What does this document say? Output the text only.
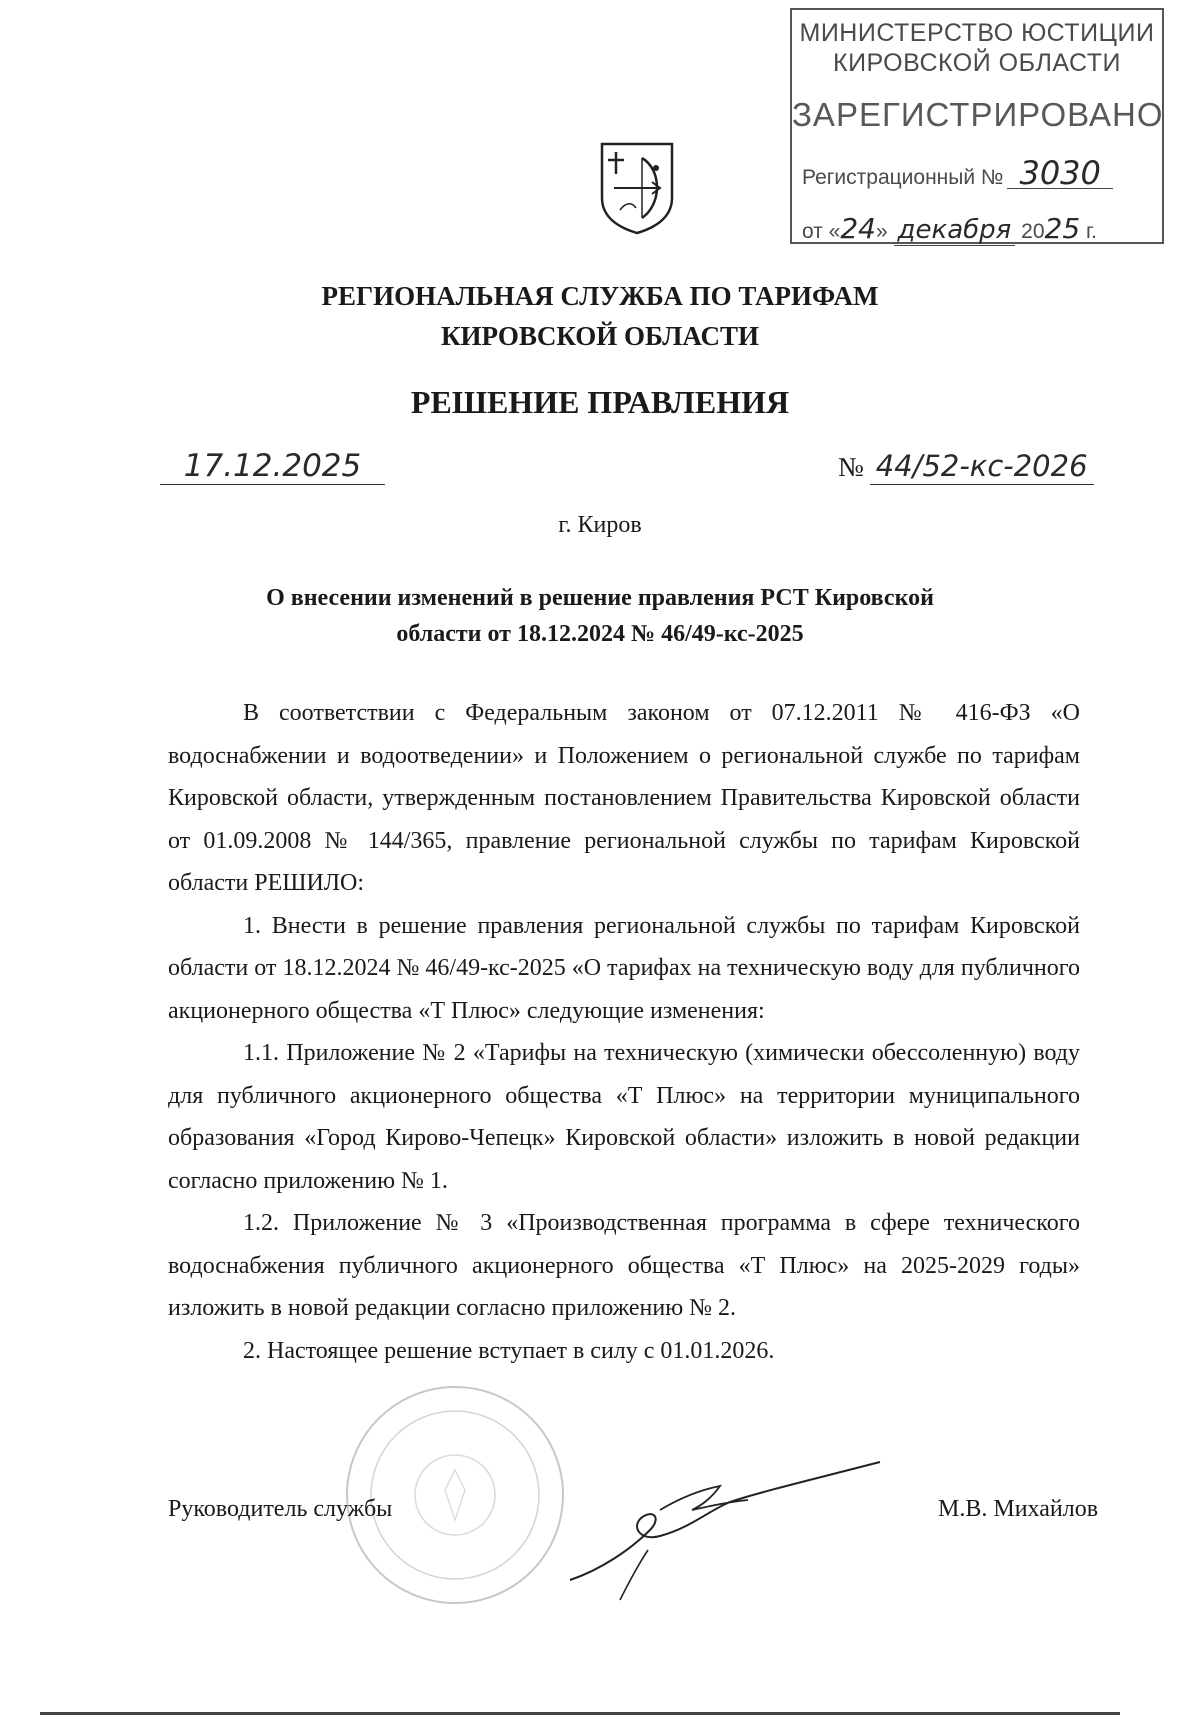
МИНИСТЕРСТВО ЮСТИЦИИ
КИРОВСКОЙ ОБЛАСТИ
ЗАРЕГИСТРИРОВАНО
Регистрационный № 3030
от «24» декабря 2025 г.
РЕГИОНАЛЬНАЯ СЛУЖБА ПО ТАРИФАМ
КИРОВСКОЙ ОБЛАСТИ
РЕШЕНИЕ ПРАВЛЕНИЯ
17.12.2025	№ 44/52-кс-2026
г. Киров
О внесении изменений в решение правления РСТ Кировской
области от 18.12.2024 № 46/49-кс-2025

В соответствии с Федеральным законом от 07.12.2011 № 416-ФЗ «О водоснабжении и водоотведении» и Положением о региональной службе по тарифам Кировской области, утвержденным постановлением Правительства Кировской области от 01.09.2008 № 144/365, правление региональной службы по тарифам Кировской области РЕШИЛО:

1. Внести в решение правления региональной службы по тарифам Кировской области от 18.12.2024 № 46/49-кс-2025 «О тарифах на техническую воду для публичного акционерного общества «Т Плюс» следующие изменения:

1.1. Приложение № 2 «Тарифы на техническую (химически обессоленную) воду для публичного акционерного общества «Т Плюс» на территории муниципального образования «Город Кирово-Чепецк» Кировской области» изложить в новой редакции согласно приложению № 1.

1.2. Приложение № 3 «Производственная программа в сфере технического водоснабжения публичного акционерного общества «Т Плюс» на 2025-2029 годы» изложить в новой редакции согласно приложению № 2.

2. Настоящее решение вступает в силу с 01.01.2026.

Руководитель службы	М.В. Михайлов
